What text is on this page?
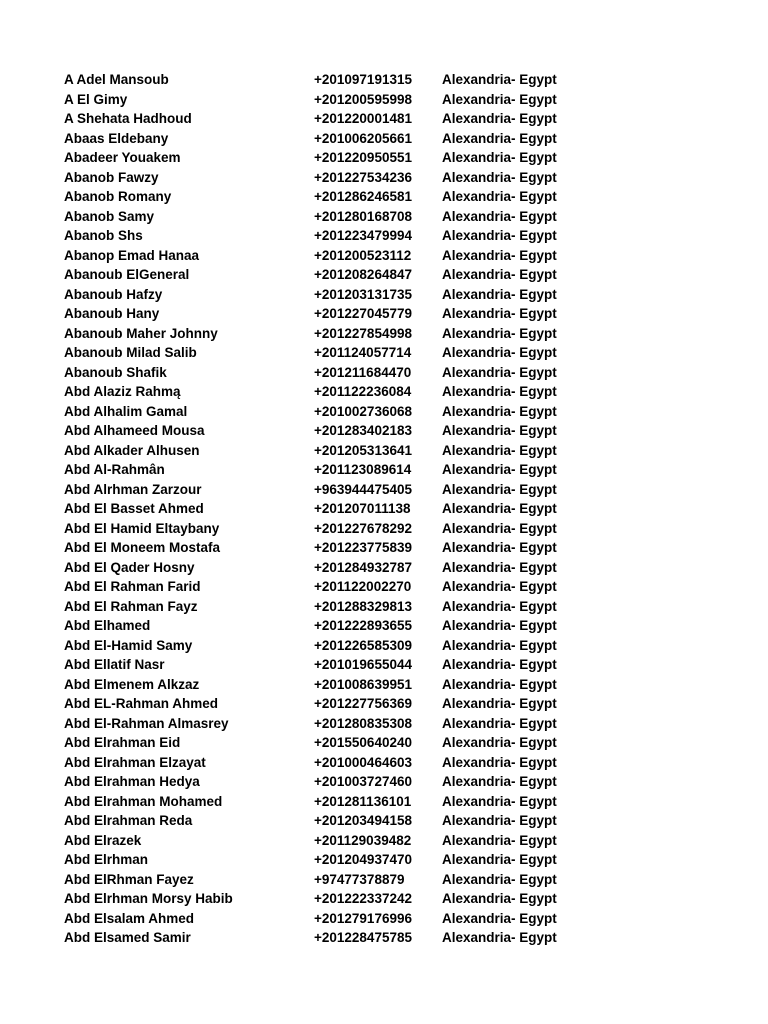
A Adel Mansoub	+201097191315 Alexandria- Egypt
A El Gimy	+201200595998 Alexandria- Egypt
A Shehata Hadhoud	+201220001481 Alexandria- Egypt
Abaas Eldebany	+201006205661 Alexandria- Egypt
Abadeer Youakem	+201220950551 Alexandria- Egypt
Abanob Fawzy	+201227534236 Alexandria- Egypt
Abanob Romany	+201286246581 Alexandria- Egypt
Abanob Samy	+201280168708 Alexandria- Egypt
Abanob Shs	+201223479994 Alexandria- Egypt
Abanop Emad Hanaa	+201200523112 Alexandria- Egypt
Abanoub ElGeneral	+201208264847 Alexandria- Egypt
Abanoub Hafzy	+201203131735 Alexandria- Egypt
Abanoub Hany	+201227045779 Alexandria- Egypt
Abanoub Maher Johnny	+201227854998 Alexandria- Egypt
Abanoub Milad Salib	+201124057714 Alexandria- Egypt
Abanoub Shafik	+201211684470 Alexandria- Egypt
Abd Alaziz Rahmą	+201122236084 Alexandria- Egypt
Abd Alhalim Gamal	+201002736068 Alexandria- Egypt
Abd Alhameed Mousa	+201283402183 Alexandria- Egypt
Abd Alkader Alhusen	+201205313641 Alexandria- Egypt
Abd Al-Rahmân	+201123089614 Alexandria- Egypt
Abd Alrhman Zarzour	+963944475405 Alexandria- Egypt
Abd El Basset Ahmed	+201207011138 Alexandria- Egypt
Abd El Hamid Eltaybany	+201227678292 Alexandria- Egypt
Abd El Moneem Mostafa	+201223775839 Alexandria- Egypt
Abd El Qader Hosny	+201284932787 Alexandria- Egypt
Abd El Rahman Farid	+201122002270 Alexandria- Egypt
Abd El Rahman Fayz	+201288329813 Alexandria- Egypt
Abd Elhamed	+201222893655 Alexandria- Egypt
Abd El-Hamid Samy	+201226585309 Alexandria- Egypt
Abd Ellatif Nasr	+201019655044 Alexandria- Egypt
Abd Elmenem Alkzaz	+201008639951 Alexandria- Egypt
Abd EL-Rahman Ahmed	+201227756369 Alexandria- Egypt
Abd El-Rahman Almasrey	+201280835308 Alexandria- Egypt
Abd Elrahman Eid	+201550640240 Alexandria- Egypt
Abd Elrahman Elzayat	+201000464603 Alexandria- Egypt
Abd Elrahman Hedya	+201003727460 Alexandria- Egypt
Abd Elrahman Mohamed	+201281136101 Alexandria- Egypt
Abd Elrahman Reda	+201203494158 Alexandria- Egypt
Abd Elrazek	+201129039482 Alexandria- Egypt
Abd Elrhman	+201204937470 Alexandria- Egypt
Abd ElRhman Fayez	+97477378879	Alexandria- Egypt
Abd Elrhman Morsy Habib	+201222337242 Alexandria- Egypt
Abd Elsalam Ahmed	+201279176996 Alexandria- Egypt
Abd Elsamed Samir	+201228475785 Alexandria- Egypt
